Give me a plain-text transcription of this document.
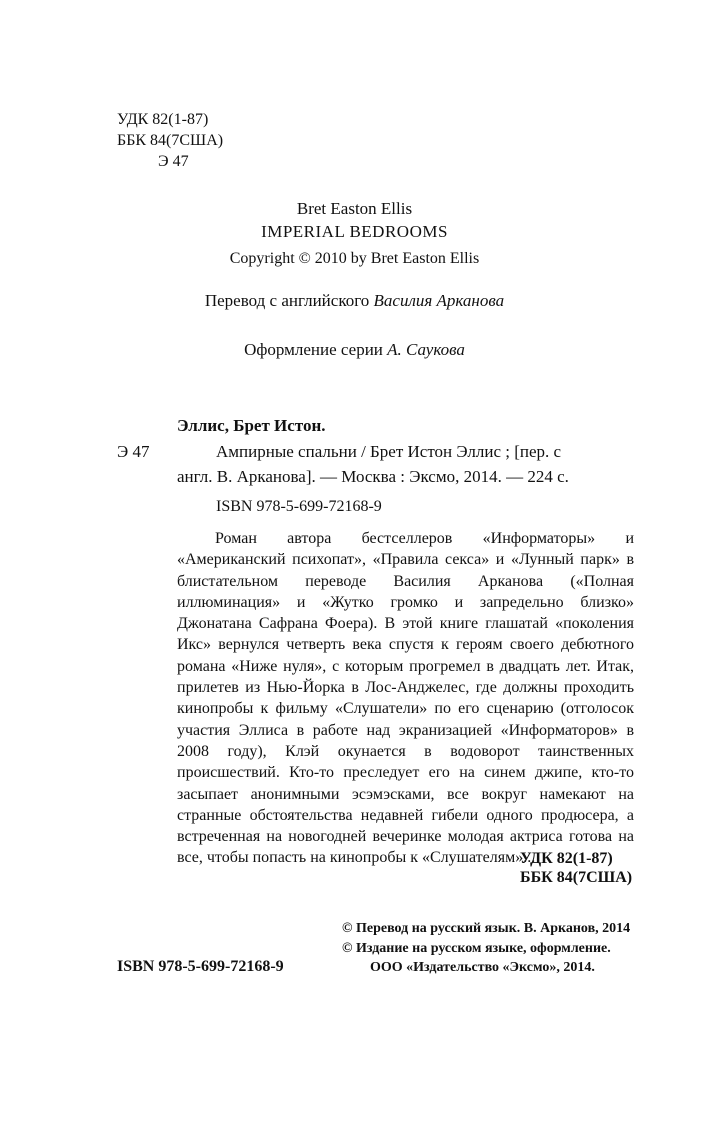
УДК 82(1-87)
ББК 84(7США)
Э 47
Bret Easton Ellis
IMPERIAL BEDROOMS
Copyright © 2010 by Bret Easton Ellis
Перевод с английского Василия Арканова
Оформление серии А. Саукова
Эллис, Брет Истон.
Э 47	Ампирные спальни / Брет Истон Эллис ; [пер. с
англ. В. Арканова]. — Москва : Эксмо, 2014. — 224 с.
ISBN 978-5-699-72168-9
Роман автора бестселлеров «Информаторы» и «Американский психопат», «Правила секса» и «Лунный парк» в блистательном переводе Василия Арканова («Полная иллюминация» и «Жутко громко и запредельно близко» Джонатана Сафрана Фоера). В этой книге глашатай «поколения Икс» вернулся четверть века спустя к героям своего дебютного романа «Ниже нуля», с которым прогремел в двадцать лет. Итак, прилетев из Нью-Йорка в Лос-Анджелес, где должны проходить кинопробы к фильму «Слушатели» по его сценарию (отголосок участия Эллиса в работе над экранизацией «Информаторов» в 2008 году), Клэй окунается в водоворот таинственных происшествий. Кто-то преследует его на синем джипе, кто-то засыпает анонимными эсэмэсками, все вокруг намекают на странные обстоятельства недавней гибели одного продюсера, а встреченная на новогодней вечеринке молодая актриса готова на все, чтобы попасть на кинопробы к «Слушателям»...
УДК 82(1-87)
ББК 84(7США)
© Перевод на русский язык. В. Арканов, 2014
© Издание на русском языке, оформление.
ISBN 978-5-699-72168-9	ООО «Издательство «Эксмо», 2014.
